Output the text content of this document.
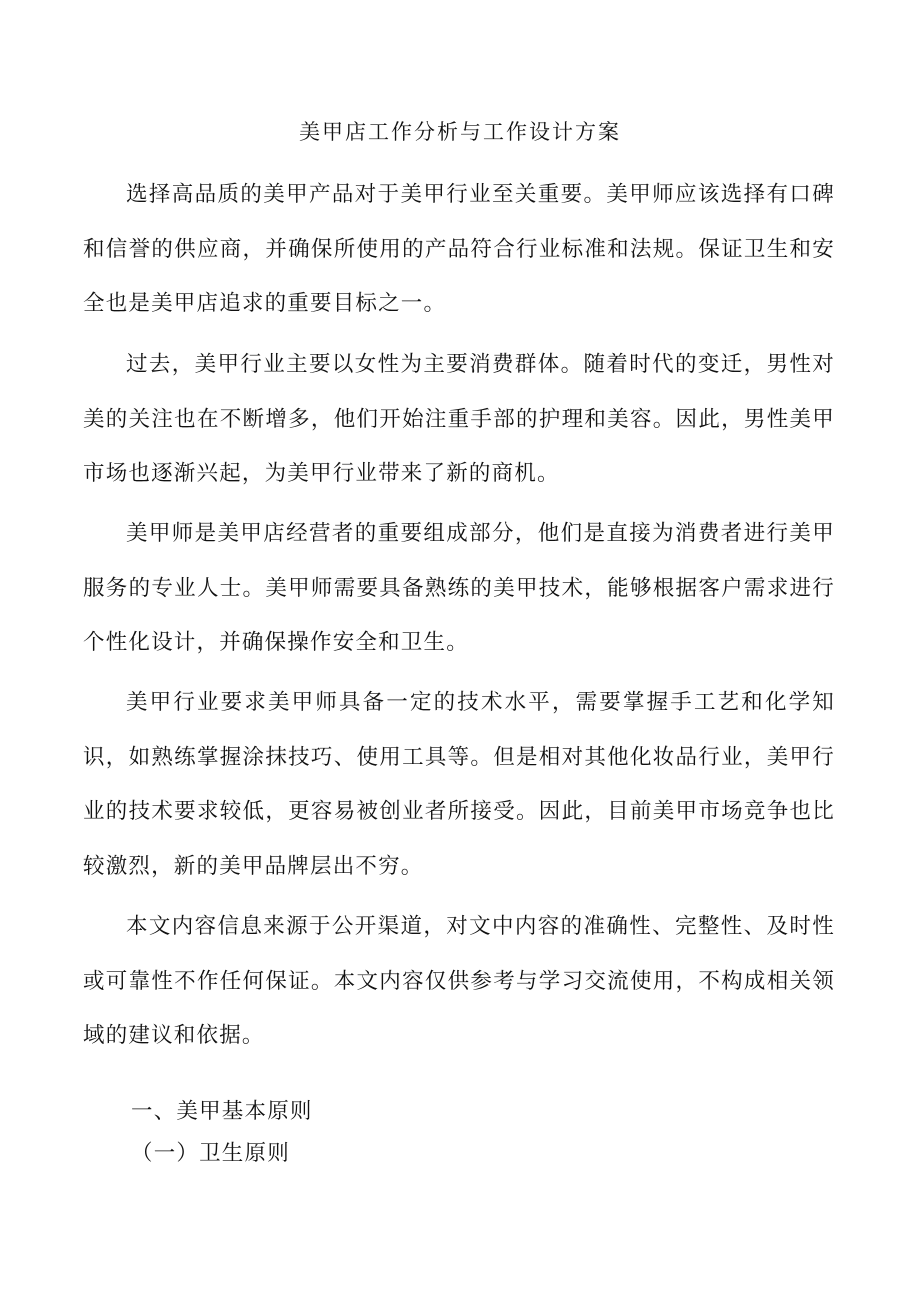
美甲店工作分析与工作设计方案

选择高品质的美甲产品对于美甲行业至关重要。美甲师应该选择有口碑和信誉的供应商，并确保所使用的产品符合行业标准和法规。保证卫生和安全也是美甲店追求的重要目标之一。

过去，美甲行业主要以女性为主要消费群体。随着时代的变迁，男性对美的关注也在不断增多，他们开始注重手部的护理和美容。因此，男性美甲市场也逐渐兴起，为美甲行业带来了新的商机。

美甲师是美甲店经营者的重要组成部分，他们是直接为消费者进行美甲服务的专业人士。美甲师需要具备熟练的美甲技术，能够根据客户需求进行个性化设计，并确保操作安全和卫生。

美甲行业要求美甲师具备一定的技术水平，需要掌握手工艺和化学知识，如熟练掌握涂抹技巧、使用工具等。但是相对其他化妆品行业，美甲行业的技术要求较低，更容易被创业者所接受。因此，目前美甲市场竞争也比较激烈，新的美甲品牌层出不穷。

本文内容信息来源于公开渠道，对文中内容的准确性、完整性、及时性或可靠性不作任何保证。本文内容仅供参考与学习交流使用，不构成相关领域的建议和依据。

一、美甲基本原则
（一）卫生原则
